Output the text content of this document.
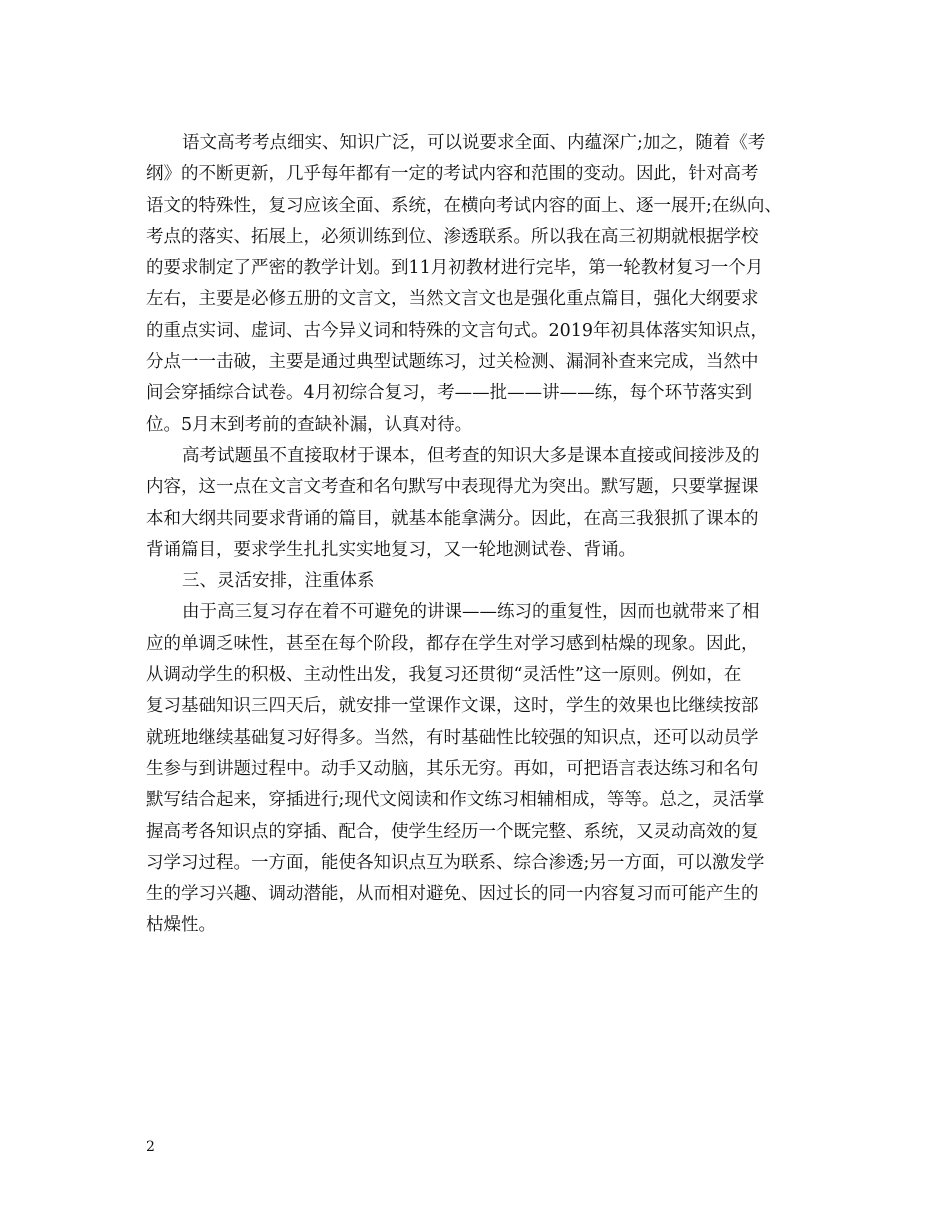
语文高考考点细实、知识广泛，可以说要求全面、内蕴深广;加之，随着《考
纲》的不断更新，几乎每年都有一定的考试内容和范围的变动。因此，针对高考
语文的特殊性，复习应该全面、系统，在横向考试内容的面上、逐一展开;在纵向、
考点的落实、拓展上，必须训练到位、渗透联系。所以我在高三初期就根据学校
的要求制定了严密的教学计划。到11月初教材进行完毕，第一轮教材复习一个月
左右，主要是必修五册的文言文，当然文言文也是强化重点篇目，强化大纲要求
的重点实词、虚词、古今异义词和特殊的文言句式。2019年初具体落实知识点，
分点一一击破，主要是通过典型试题练习，过关检测、漏洞补查来完成，当然中
间会穿插综合试卷。4月初综合复习，考——批——讲——练，每个环节落实到
位。5月末到考前的查缺补漏，认真对待。
高考试题虽不直接取材于课本，但考查的知识大多是课本直接或间接涉及的
内容，这一点在文言文考查和名句默写中表现得尤为突出。默写题，只要掌握课
本和大纲共同要求背诵的篇目，就基本能拿满分。因此，在高三我狠抓了课本的
背诵篇目，要求学生扎扎实实地复习，又一轮地测试卷、背诵。
三、灵活安排，注重体系
由于高三复习存在着不可避免的讲课——练习的重复性，因而也就带来了相
应的单调乏味性，甚至在每个阶段，都存在学生对学习感到枯燥的现象。因此，
从调动学生的积极、主动性出发，我复习还贯彻“灵活性”这一原则。例如，在
复习基础知识三四天后，就安排一堂课作文课，这时，学生的效果也比继续按部
就班地继续基础复习好得多。当然，有时基础性比较强的知识点，还可以动员学
生参与到讲题过程中。动手又动脑，其乐无穷。再如，可把语言表达练习和名句
默写结合起来，穿插进行;现代文阅读和作文练习相辅相成，等等。总之，灵活掌
握高考各知识点的穿插、配合，使学生经历一个既完整、系统，又灵动高效的复
习学习过程。一方面，能使各知识点互为联系、综合渗透;另一方面，可以激发学
生的学习兴趣、调动潜能，从而相对避免、因过长的同一内容复习而可能产生的
枯燥性。
2
